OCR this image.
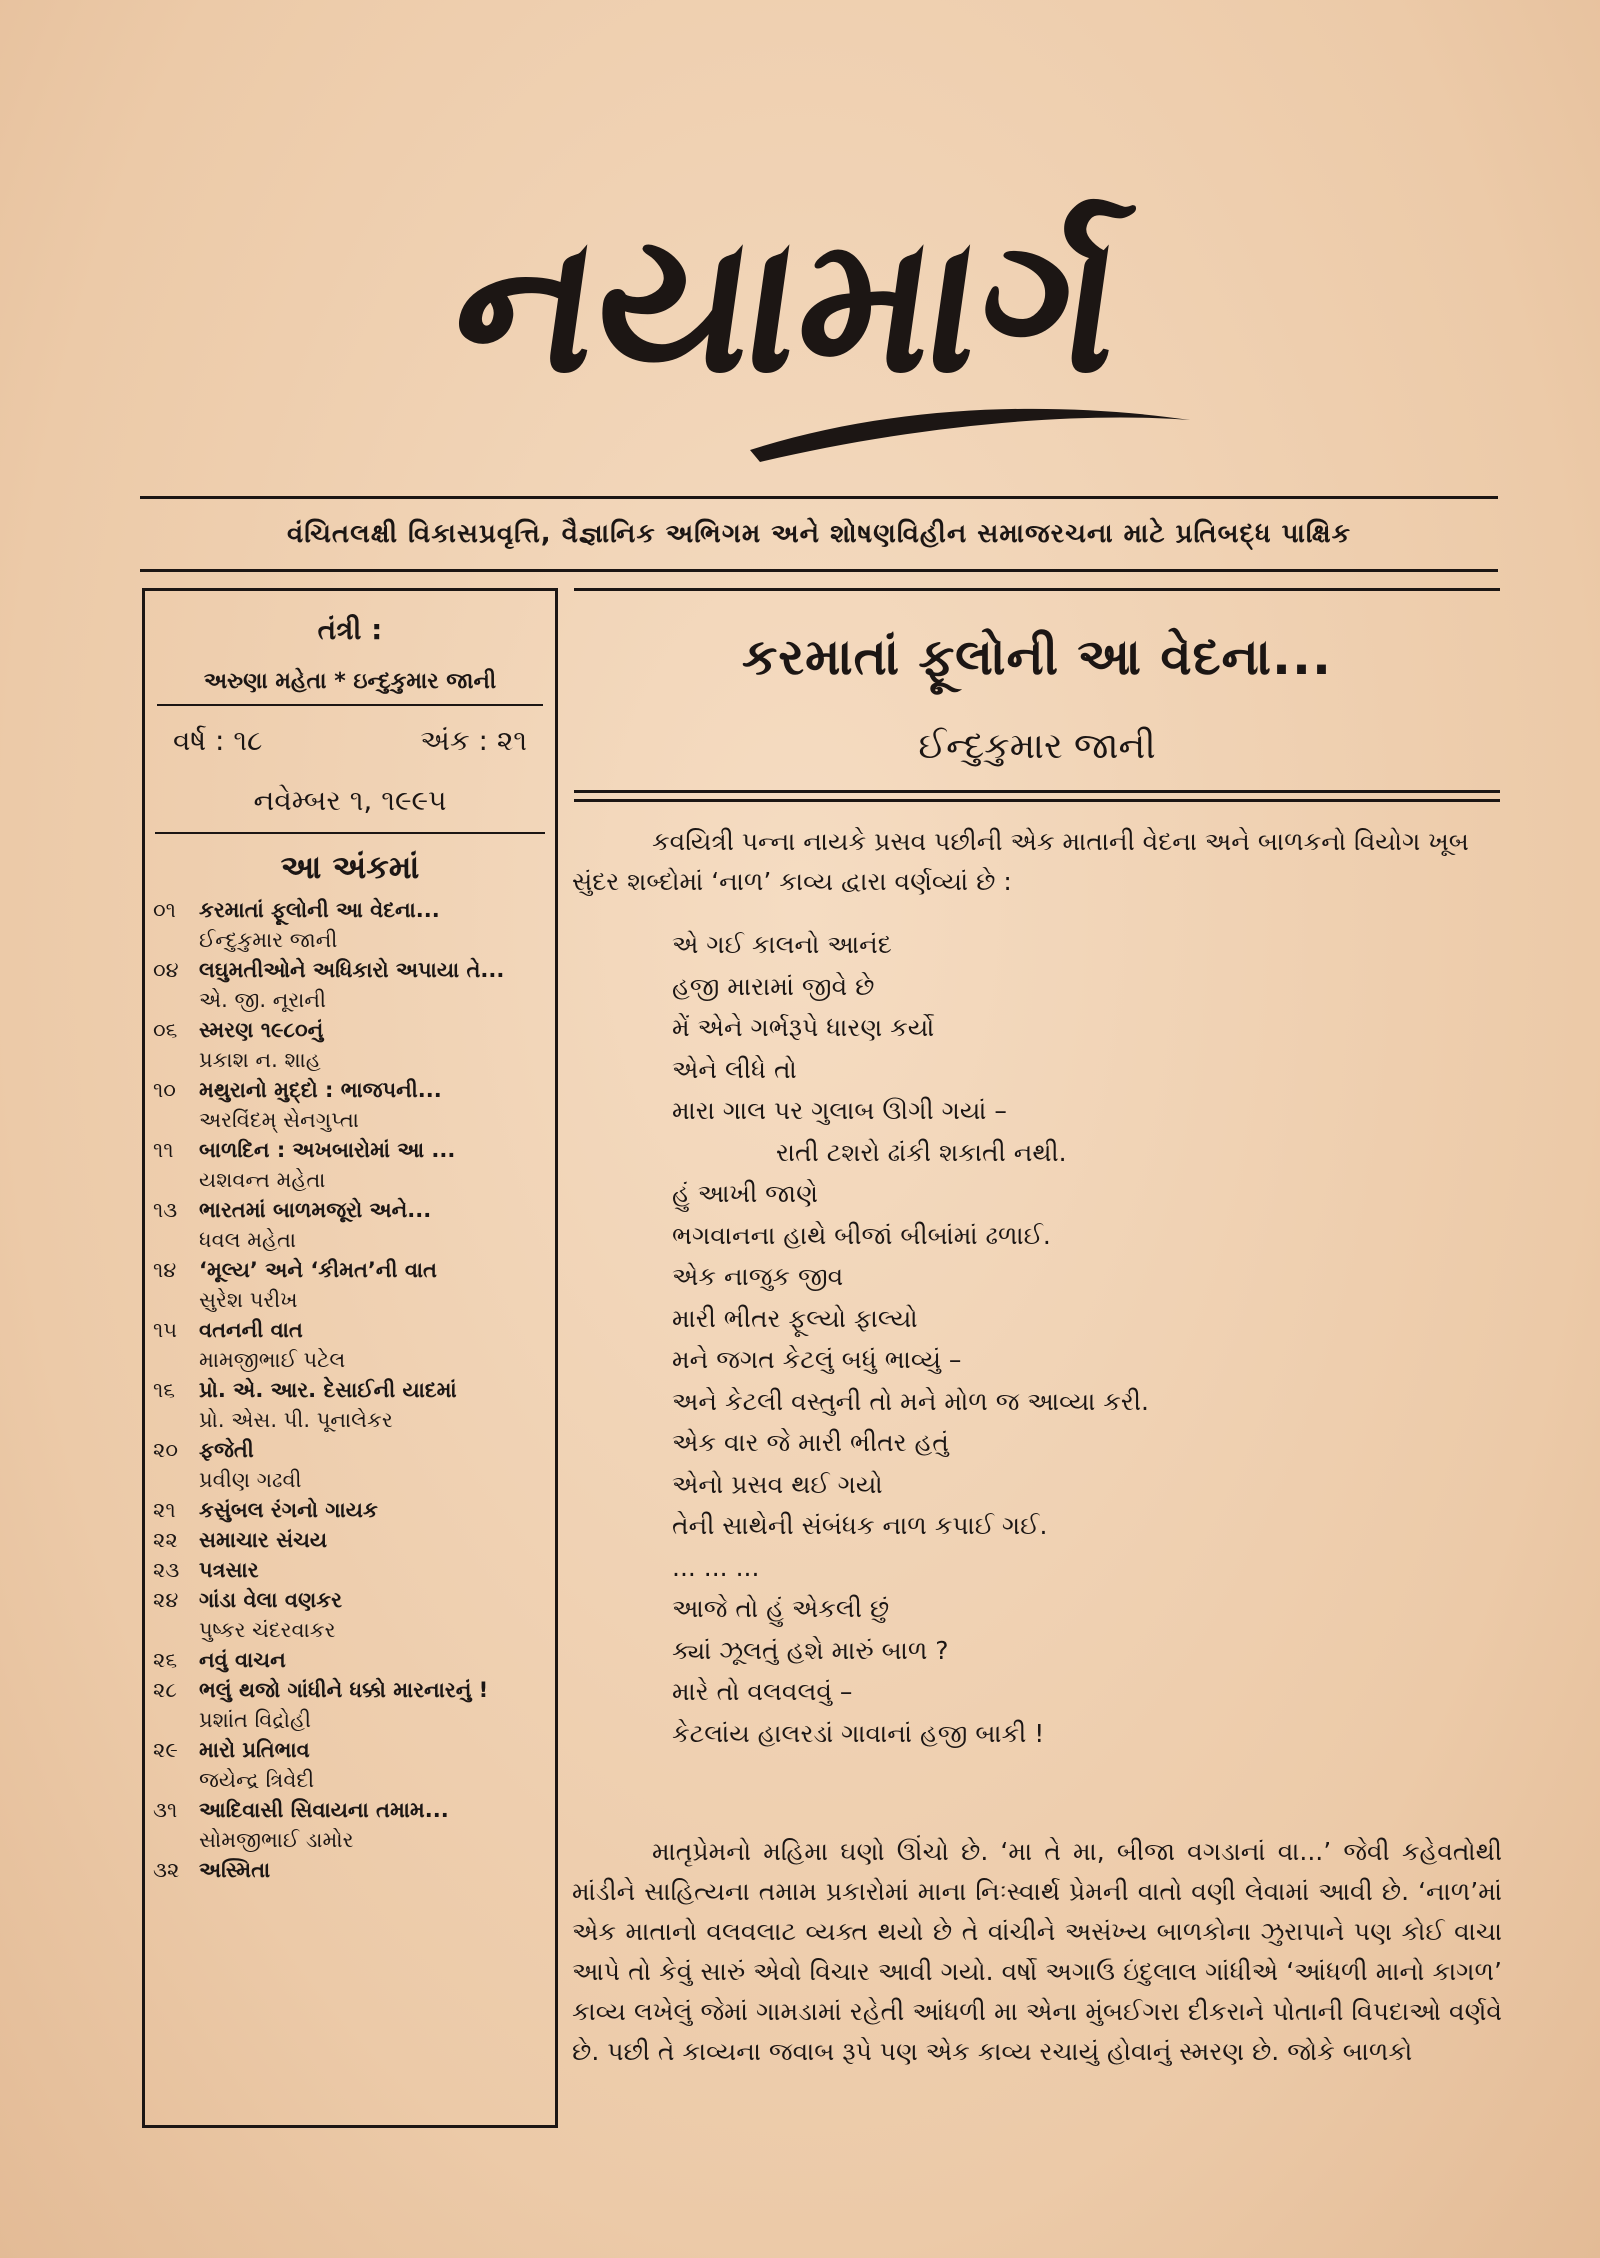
નયામાર્ગ
વંચિતલક્ષી વિકાસપ્રવૃત્તિ, વૈજ્ઞાનિક અભિગમ અને શોષણવિહીન સમાજરચના માટે પ્રતિબદ્ધ પાક્ષિક
તંત્રી :
અરુણા મહેતા * ઇન્દુકુમાર જાની
વર્ષ : ૧૮	અંક : ૨૧
નવેમ્બર ૧, ૧૯૯૫
આ અંકમાં
૦૧	કરમાતાં ફૂલોની આ વેદના...
ઈન્દુકુમાર જાની
૦૪ લઘુમતીઓને અધિકારો અપાયા તે...
એ. જી. નૂરાની
૦૬	સ્મરણ ૧૯૮૦નું
પ્રકાશ ન. શાહ
૧૦	મથુરાનો મુદ્દો : ભાજપની...
અરવિંદમ્ સેનગુપ્તા
૧૧	બાળદિન : અખબારોમાં આ ...
યશવન્ત મહેતા
૧૩	ભારતમાં બાળમજૂરો અને...
ધવલ મહેતા
૧૪	‘મૂલ્ય’ અને ‘કીમત’ની વાત
સુરેશ પરીખ
૧૫	વતનની વાત
મામજીભાઈ પટેલ
૧૬	પ્રો. એ. આર. દેસાઈની યાદમાં
પ્રો. એસ. પી. પૂનાલેકર
૨૦	ફજેતી
પ્રવીણ ગઢવી
૨૧	કસુંબલ રંગનો ગાયક
૨૨	સમાચાર સંચય
૨૩ પત્રસાર
૨૪ ગાંડા વેલા વણકર
પુષ્કર ચંદરવાકર
૨૬	નવું વાચન
૨૮	ભલું થજો ગાંધીને ધક્કો મારનારનું !
પ્રશાંત વિદ્રોહી
૨૯	મારો પ્રતિભાવ
જયેન્દ્ર ત્રિવેદી
૩૧	આદિવાસી સિવાયના તમામ...
સોમજીભાઈ ડામોર
૩૨ અસ્મિતા
કરમાતાં ફૂલોની આ વેદના...
ઈન્દુકુમાર જાની
કવયિત્રી પન્ના નાયકે પ્રસવ પછીની એક માતાની વેદના અને બાળકનો વિયોગ ખૂબ સુંદર શબ્દોમાં ‘નાળ’ કાવ્ય દ્વારા વર્ણવ્યાં છે :
એ ગઈ કાલનો આનંદ
હજી મારામાં જીવે છે
મેં એને ગર્ભરૂપે ધારણ કર્યો
એને લીધે તો
મારા ગાલ પર ગુલાબ ઊગી ગયાં –
રાતી ટશરો ઢાંકી શકાતી નથી.
હું આખી જાણે
ભગવાનના હાથે બીજાં બીબાંમાં ઢળાઈ.
એક નાજુક જીવ
મારી ભીતર ફૂલ્યો ફાલ્યો
મને જગત કેટલું બધું ભાવ્યું –
અને કેટલી વસ્તુની તો મને મોળ જ આવ્યા કરી.
એક વાર જે મારી ભીતર હતું
એનો પ્રસવ થઈ ગયો
તેની સાથેની સંબંધક નાળ કપાઈ ગઈ.
... ... ...
આજે તો હું એકલી છું
ક્યાં ઝૂલતું હશે મારું બાળ ?
મારે તો વલવલવું –
કેટલાંય હાલરડાં ગાવાનાં હજી બાકી !
માતૃપ્રેમનો મહિમા ઘણો ઊંચો છે. ‘મા તે મા, બીજા વગડાનાં વા...’ જેવી કહેવતોથી માંડીને સાહિત્યના તમામ પ્રકારોમાં માના નિઃસ્વાર્થ પ્રેમની વાતો વણી લેવામાં આવી છે. ‘નાળ’માં એક માતાનો વલવલાટ વ્યક્ત થયો છે તે વાંચીને અસંખ્ય બાળકોના ઝુરાપાને પણ કોઈ વાચા આપે તો કેવું સારું એવો વિચાર આવી ગયો. વર્ષો અગાઉ ઇંદુલાલ ગાંધીએ ‘આંધળી માનો કાગળ’ કાવ્ય લખેલું જેમાં ગામડામાં રહેતી આંધળી મા એના મુંબઈગરા દીકરાને પોતાની વિપદાઓ વર્ણવે છે. પછી તે કાવ્યના જવાબ રૂપે પણ એક કાવ્ય રચાયું હોવાનું સ્મરણ છે. જોકે બાળકો
